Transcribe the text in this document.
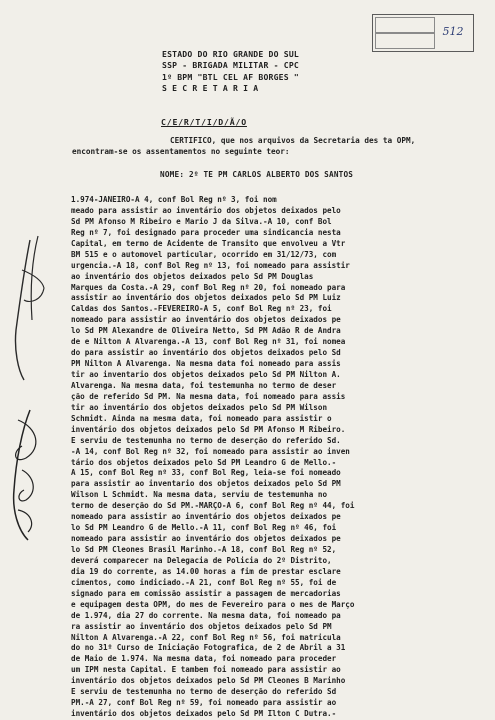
512
ESTADO DO RIO GRANDE DO SUL
SSP - BRIGADA MILITAR - CPC
1º BPM "BTL CEL AF BORGES "
S E C R E T A R I A
C/E/R/T/I/D/Ã/O
CERTIFICO, que nos arquivos da Secretaria des ta OPM, encontram-se os assentamentos no seguinte teor:
NOME: 2º TE PM CARLOS ALBERTO DOS SANTOS
1.974-JANEIRO-A 4, conf Bol Reg nº 3, foi nom
meado para assistir ao inventário dos objetos deixados pelo
Sd PM Afonso M Ribeiro e Mario J da Silva.-A 10, conf Bol
Reg nº 7, foi designado para proceder uma sindicancia nesta
Capital, em termo de Acidente de Transito que envolveu a Vtr
BM 515 e o automovel particular, ocorrido em 31/12/73, com
urgencia.-A 18, conf Bol Reg nº 13, foi nomeado para assistir
ao inventário dos objetos deixados pelo Sd PM Douglas
Marques da Costa.-A 29, conf Bol Reg nº 20, foi nomeado para
assistir ao inventário dos objetos deixados pelo Sd PM Luiz
Caldas dos Santos.-FEVEREIRO-A 5, conf Bol Reg nº 23, foi
nomeado para assistir ao inventário dos objetos deixados pe
lo Sd PM Alexandre de Oliveira Netto, Sd PM Adão R de Andra
de e Nilton A Alvarenga.-A 13, conf Bol Reg nº 31, foi nomea
do para assistir ao inventário dos objetos deixados pelo Sd
PM Nilton A Alvarenga. Na mesma data foi nomeado para assis
tir ao inventario dos objetos deixados pelo Sd PM Nilton A.
Alvarenga. Na mesma data, foi testemunha no termo de deser
ção de referido Sd PM. Na mesma data, foi nomeado para assis
tir ao inventário dos objetos deixados pelo Sd PM Wilson
Schmidt. Ainda na mesma data, foi nomeado para assistir o
inventário dos objetos deixados pelo Sd PM Afonso M Ribeiro.
E serviu de testemunha no termo de deserção do referido Sd.
-A 14, conf Bol Reg nº 32, foi nomeado para assistir ao inven
tário dos objetos deixados pelo Sd PM Leandro G de Mello.-
A 15, conf Bol Reg nº 33, conf Bol Reg, leia-se foi nomeado
para assistir ao inventario dos objetos deixados pelo Sd PM
Wilson L Schmidt. Na mesma data, serviu de testemunha no
termo de deserção do Sd PM.-MARÇO-A 6, conf Bol Reg nº 44, foi
nomeado para assistir ao inventário dos objetos deixados pe
lo Sd PM Leandro G de Mello.-A 11, conf Bol Reg nº 46, foi
nomeado para assistir ao inventário dos objetos deixados pe
lo Sd PM Cleones Brasil Marinho.-A 18, conf Bol Reg nº 52,
deverá comparecer na Delegacia de Policia do 2º Distrito,
dia 19 do corrente, as 14.00 horas a fim de prestar esclare
cimentos, como indiciado.-A 21, conf Bol Reg nº 55, foi de
signado para em comissão assistir a passagem de mercadorias
e equipagem desta OPM, do mes de Fevereiro para o mes de Março
de 1.974, dia 27 do corrente. Na mesma data, foi nomeado pa
ra assistir ao inventário dos objetos deixados pelo Sd PM
Nilton A Alvarenga.-A 22, conf Bol Reg nº 56, foi matricula
do no 31º Curso de Iniciação Fotografica, de 2 de Abril a 31
de Maio de 1.974. Na mesma data, foi nomeado para proceder
um IPM nesta Capital. E tambem foi nomeado para assistir ao
inventário dos objetos deixados pelo Sd PM Cleones B Marinho
E serviu de testemunha no termo de deserção do referido Sd
PM.-A 27, conf Bol Reg nº 59, foi nomeado para assistir ao
inventário dos objetos deixados pelo Sd PM Ilton C Dutra.-
